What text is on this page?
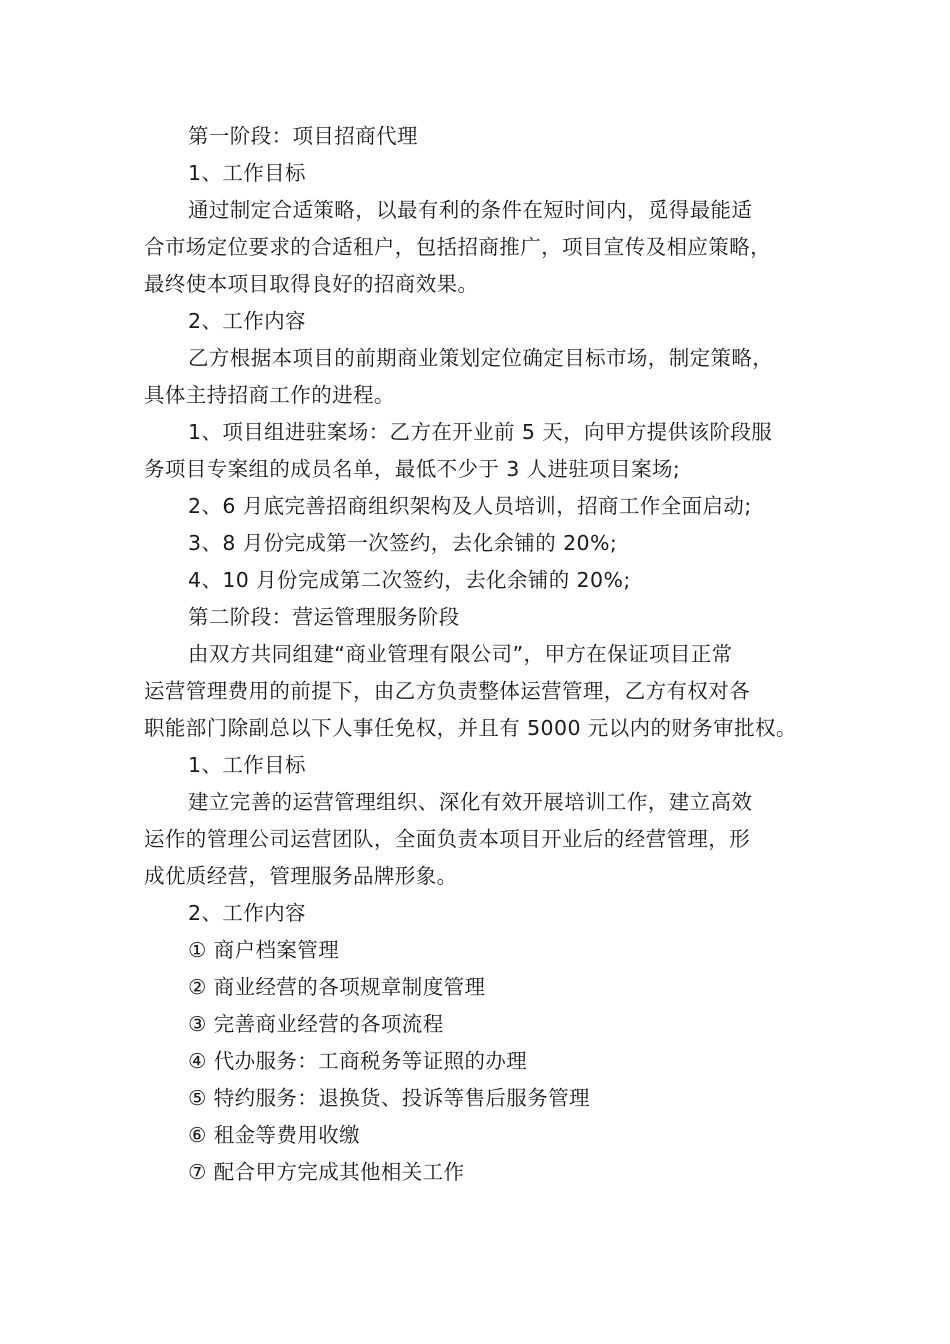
第一阶段：项目招商代理
1、工作目标
通过制定合适策略，以最有利的条件在短时间内，觅得最能适
合市场定位要求的合适租户，包括招商推广，项目宣传及相应策略，
最终使本项目取得良好的招商效果。
2、工作内容
乙方根据本项目的前期商业策划定位确定目标市场，制定策略，
具体主持招商工作的进程。
1、项目组进驻案场：乙方在开业前 5 天，向甲方提供该阶段服
务项目专案组的成员名单，最低不少于 3 人进驻项目案场;
2、6 月底完善招商组织架构及人员培训，招商工作全面启动;
3、8 月份完成第一次签约，去化余铺的 20%;
4、10 月份完成第二次签约，去化余铺的 20%;
第二阶段：营运管理服务阶段
由双方共同组建“商业管理有限公司”，甲方在保证项目正常
运营管理费用的前提下，由乙方负责整体运营管理，乙方有权对各
职能部门除副总以下人事任免权，并且有 5000 元以内的财务审批权。
1、工作目标
建立完善的运营管理组织、深化有效开展培训工作，建立高效
运作的管理公司运营团队，全面负责本项目开业后的经营管理，形
成优质经营，管理服务品牌形象。
2、工作内容
① 商户档案管理
② 商业经营的各项规章制度管理
③ 完善商业经营的各项流程
④ 代办服务：工商税务等证照的办理
⑤ 特约服务：退换货、投诉等售后服务管理
⑥ 租金等费用收缴
⑦ 配合甲方完成其他相关工作
